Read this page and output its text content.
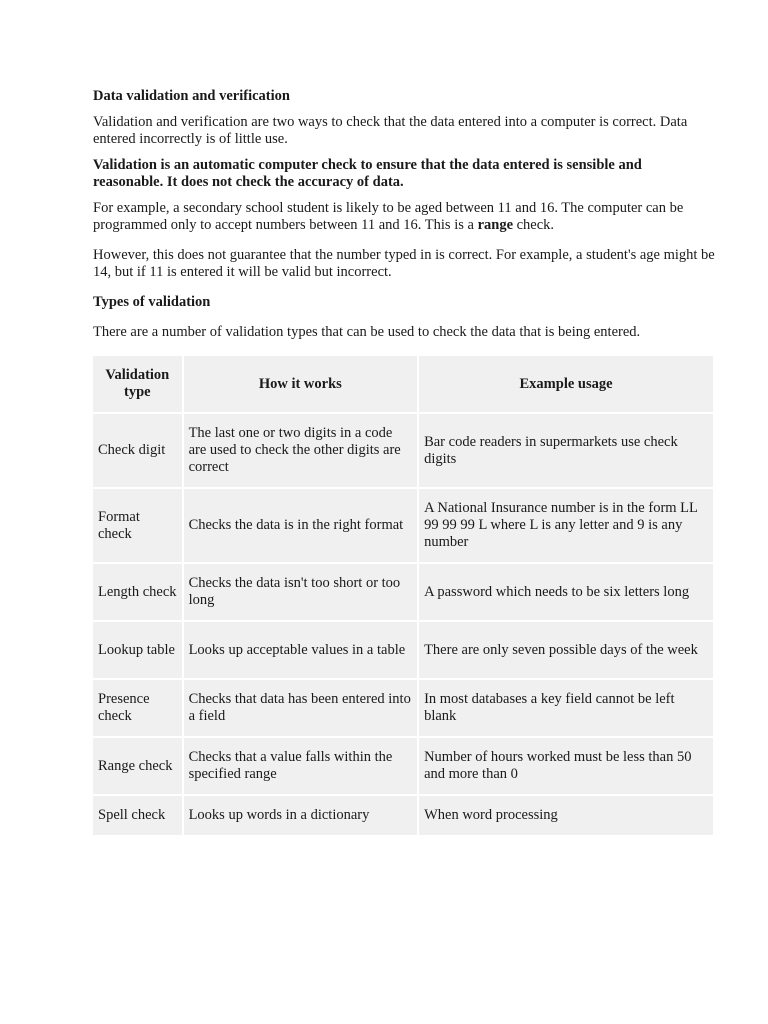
Data validation and verification

Validation and verification are two ways to check that the data entered into a computer is correct. Data entered incorrectly is of little use.

Validation is an automatic computer check to ensure that the data entered is sensible and reasonable. It does not check the accuracy of data.

For example, a secondary school student is likely to be aged between 11 and 16. The computer can be programmed only to accept numbers between 11 and 16. This is a range check.

However, this does not guarantee that the number typed in is correct. For example, a student's age might be 14, but if 11 is entered it will be valid but incorrect.

Types of validation

There are a number of validation types that can be used to check the data that is being entered.

Validation type	How it works	Example usage
Check digit	The last one or two digits in a code are used to check the other digits are correct	Bar code readers in supermarkets use check digits
Format check	Checks the data is in the right format	A National Insurance number is in the form LL 99 99 99 L where L is any letter and 9 is any number
Length check	Checks the data isn't too short or too long	A password which needs to be six letters long
Lookup table	Looks up acceptable values in a table	There are only seven possible days of the week
Presence check	Checks that data has been entered into a field	In most databases a key field cannot be left blank
Range check	Checks that a value falls within the specified range	Number of hours worked must be less than 50 and more than 0
Spell check	Looks up words in a dictionary	When word processing
